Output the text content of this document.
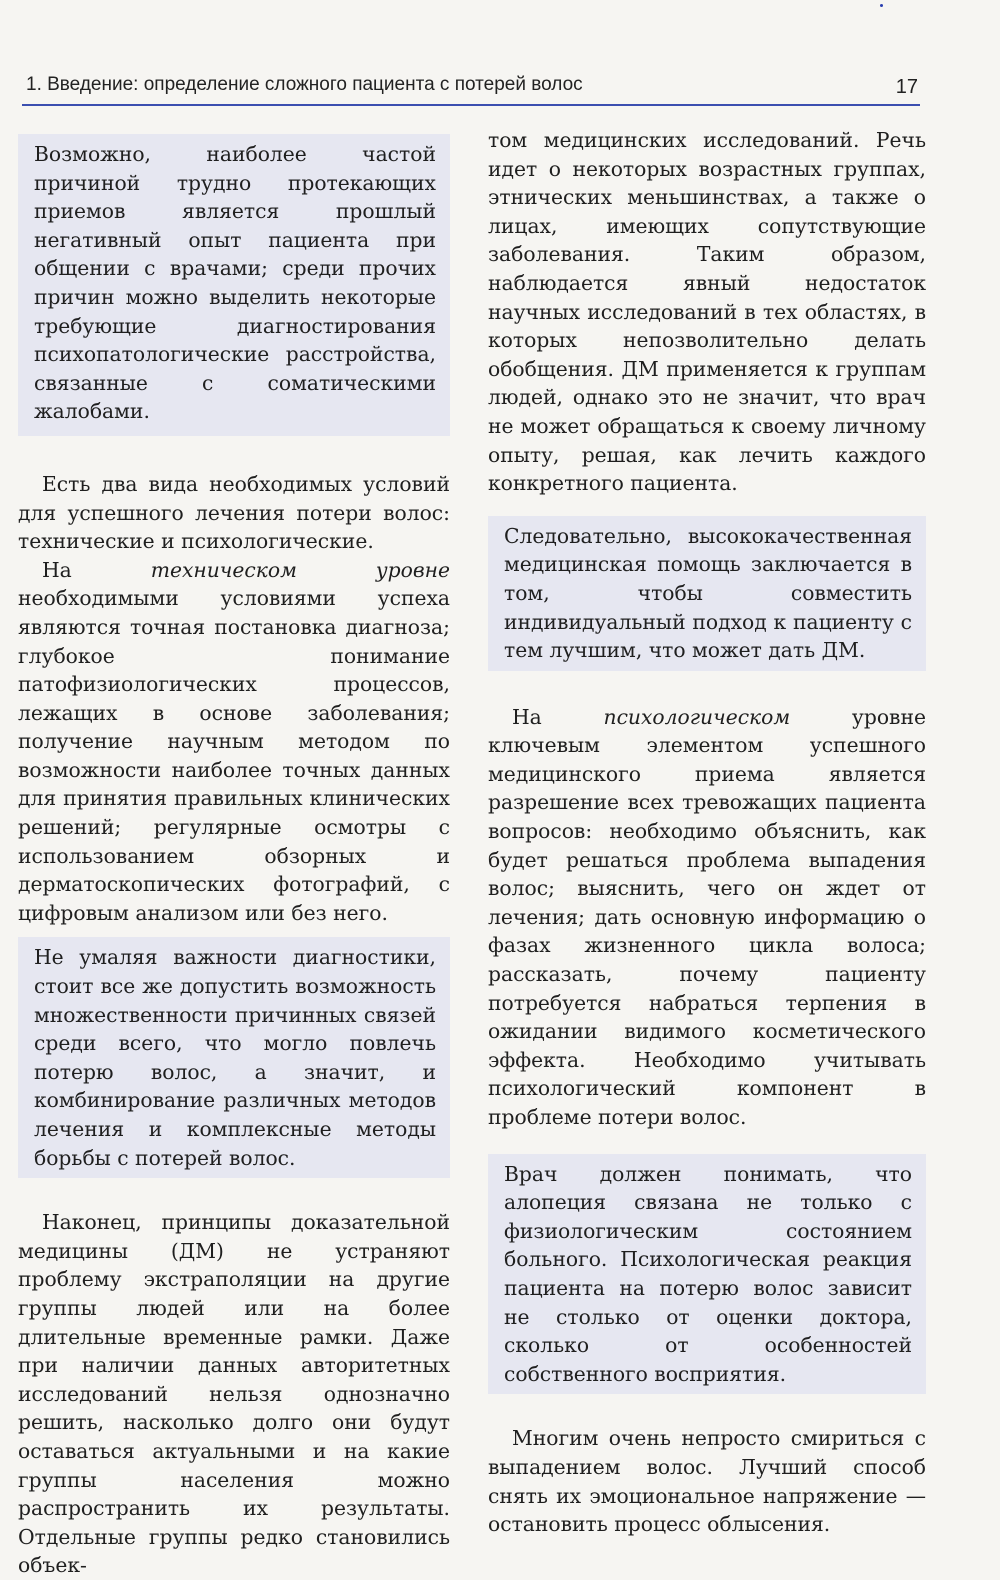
1. Введение: определение сложного пациента с потерей волос	17

Возможно, наиболее частой причиной трудно протекающих приемов является прошлый негативный опыт пациента при общении с врачами; среди прочих причин можно выделить некоторые требующие диагностирования психопатологические расстройства, связанные с соматическими жалобами.

Есть два вида необходимых условий для успешного лечения потери волос: технические и психологические.

На техническом уровне необходимыми условиями успеха являются точная постановка диагноза; глубокое понимание патофизиологических процессов, лежащих в основе заболевания; получение научным методом по возможности наиболее точных данных для принятия правильных клинических решений; регулярные осмотры с использованием обзорных и дерматоскопических фотографий, с цифровым анализом или без него.

Не умаляя важности диагностики, стоит все же допустить возможность множественности причинных связей среди всего, что могло повлечь потерю волос, а значит, и комбинирование различных методов лечения и комплексные методы борьбы с потерей волос.

Наконец, принципы доказательной медицины (ДМ) не устраняют проблему экстраполяции на другие группы людей или на более длительные временные рамки. Даже при наличии данных авторитетных исследований нельзя однозначно решить, насколько долго они будут оставаться актуальными и на какие группы населения можно распространить их результаты. Отдельные группы редко становились объек-

том медицинских исследований. Речь идет о некоторых возрастных группах, этнических меньшинствах, а также о лицах, имеющих сопутствующие заболевания. Таким образом, наблюдается явный недостаток научных исследований в тех областях, в которых непозволительно делать обобщения. ДМ применяется к группам людей, однако это не значит, что врач не может обращаться к своему личному опыту, решая, как лечить каждого конкретного пациента.

Следовательно, высококачественная медицинская помощь заключается в том, чтобы совместить индивидуальный подход к пациенту с тем лучшим, что может дать ДМ.

На психологическом уровне ключевым элементом успешного медицинского приема является разрешение всех тревожащих пациента вопросов: необходимо объяснить, как будет решаться проблема выпадения волос; выяснить, чего он ждет от лечения; дать основную информацию о фазах жизненного цикла волоса; рассказать, почему пациенту потребуется набраться терпения в ожидании видимого косметического эффекта. Необходимо учитывать психологический компонент в проблеме потери волос.

Врач должен понимать, что алопеция связана не только с физиологическим состоянием больного. Психологическая реакция пациента на потерю волос зависит не столько от оценки доктора, сколько от особенностей собственного восприятия.

Многим очень непросто смириться с выпадением волос. Лучший способ снять их эмоциональное напряжение — остановить процесс облысения.
